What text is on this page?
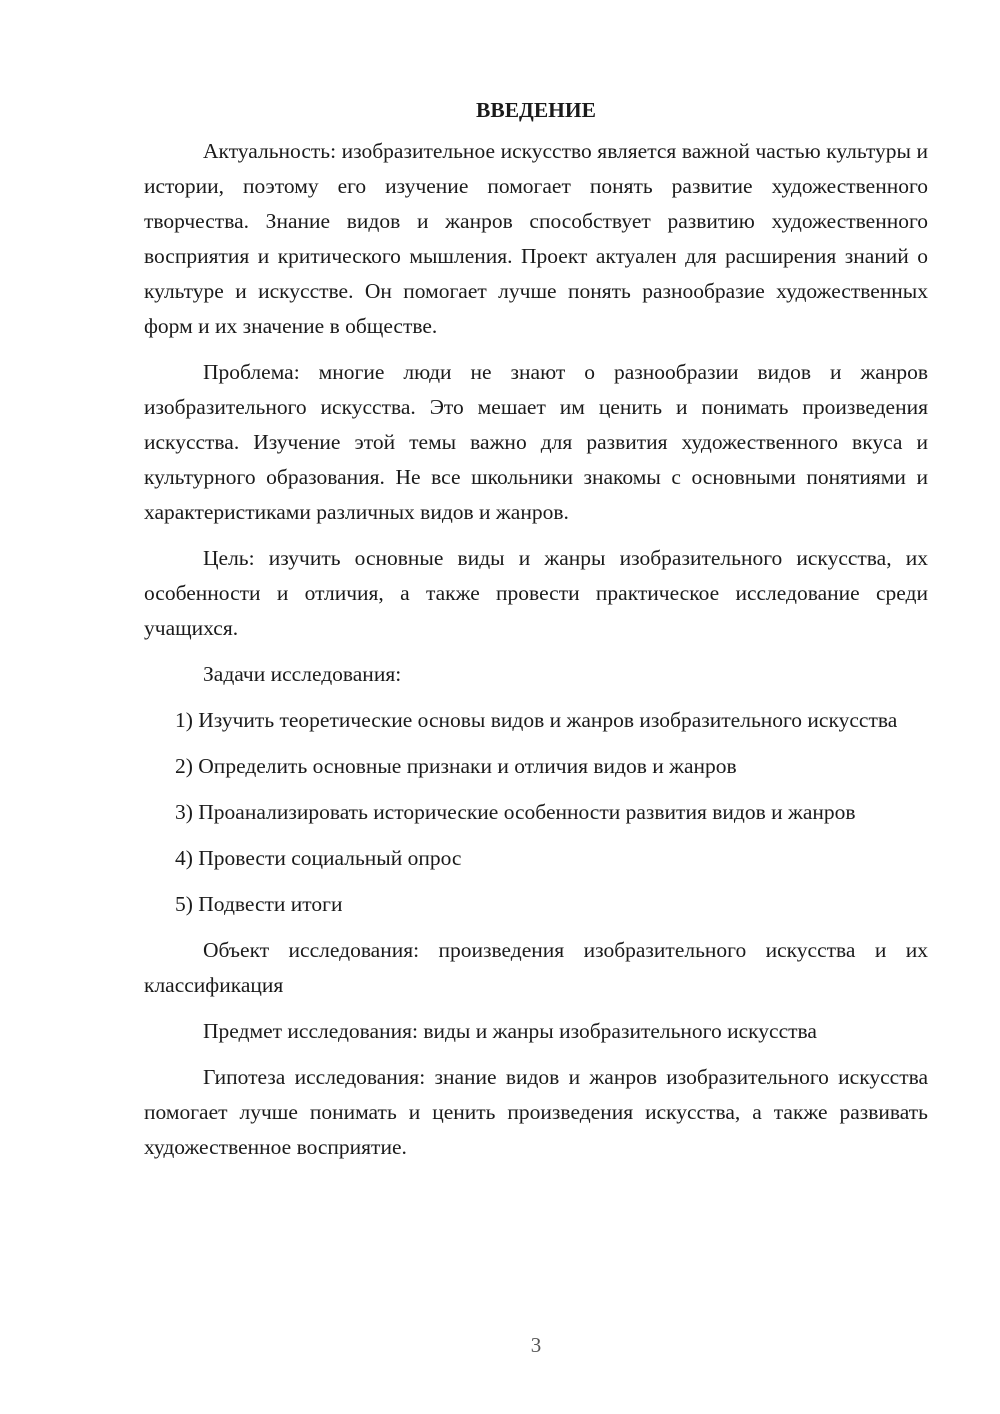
ВВЕДЕНИЕ

Актуальность: изобразительное искусство является важной частью культуры и истории, поэтому его изучение помогает понять развитие художественного творчества. Знание видов и жанров способствует развитию художественного восприятия и критического мышления. Проект актуален для расширения знаний о культуре и искусстве. Он помогает лучше понять разнообразие художественных форм и их значение в обществе.

Проблема: многие люди не знают о разнообразии видов и жанров изобразительного искусства. Это мешает им ценить и понимать произведения искусства. Изучение этой темы важно для развития художественного вкуса и культурного образования. Не все школьники знакомы с основными понятиями и характеристиками различных видов и жанров.

Цель: изучить основные виды и жанры изобразительного искусства, их особенности и отличия, а также провести практическое исследование среди учащихся.

Задачи исследования:

1) Изучить теоретические основы видов и жанров изобразительного искусства

2) Определить основные признаки и отличия видов и жанров

3) Проанализировать исторические особенности развития видов и жанров

4) Провести социальный опрос

5) Подвести итоги

Объект исследования: произведения изобразительного искусства и их классификация

Предмет исследования: виды и жанры изобразительного искусства

Гипотеза исследования: знание видов и жанров изобразительного искусства помогает лучше понимать и ценить произведения искусства, а также развивать художественное восприятие.

3
